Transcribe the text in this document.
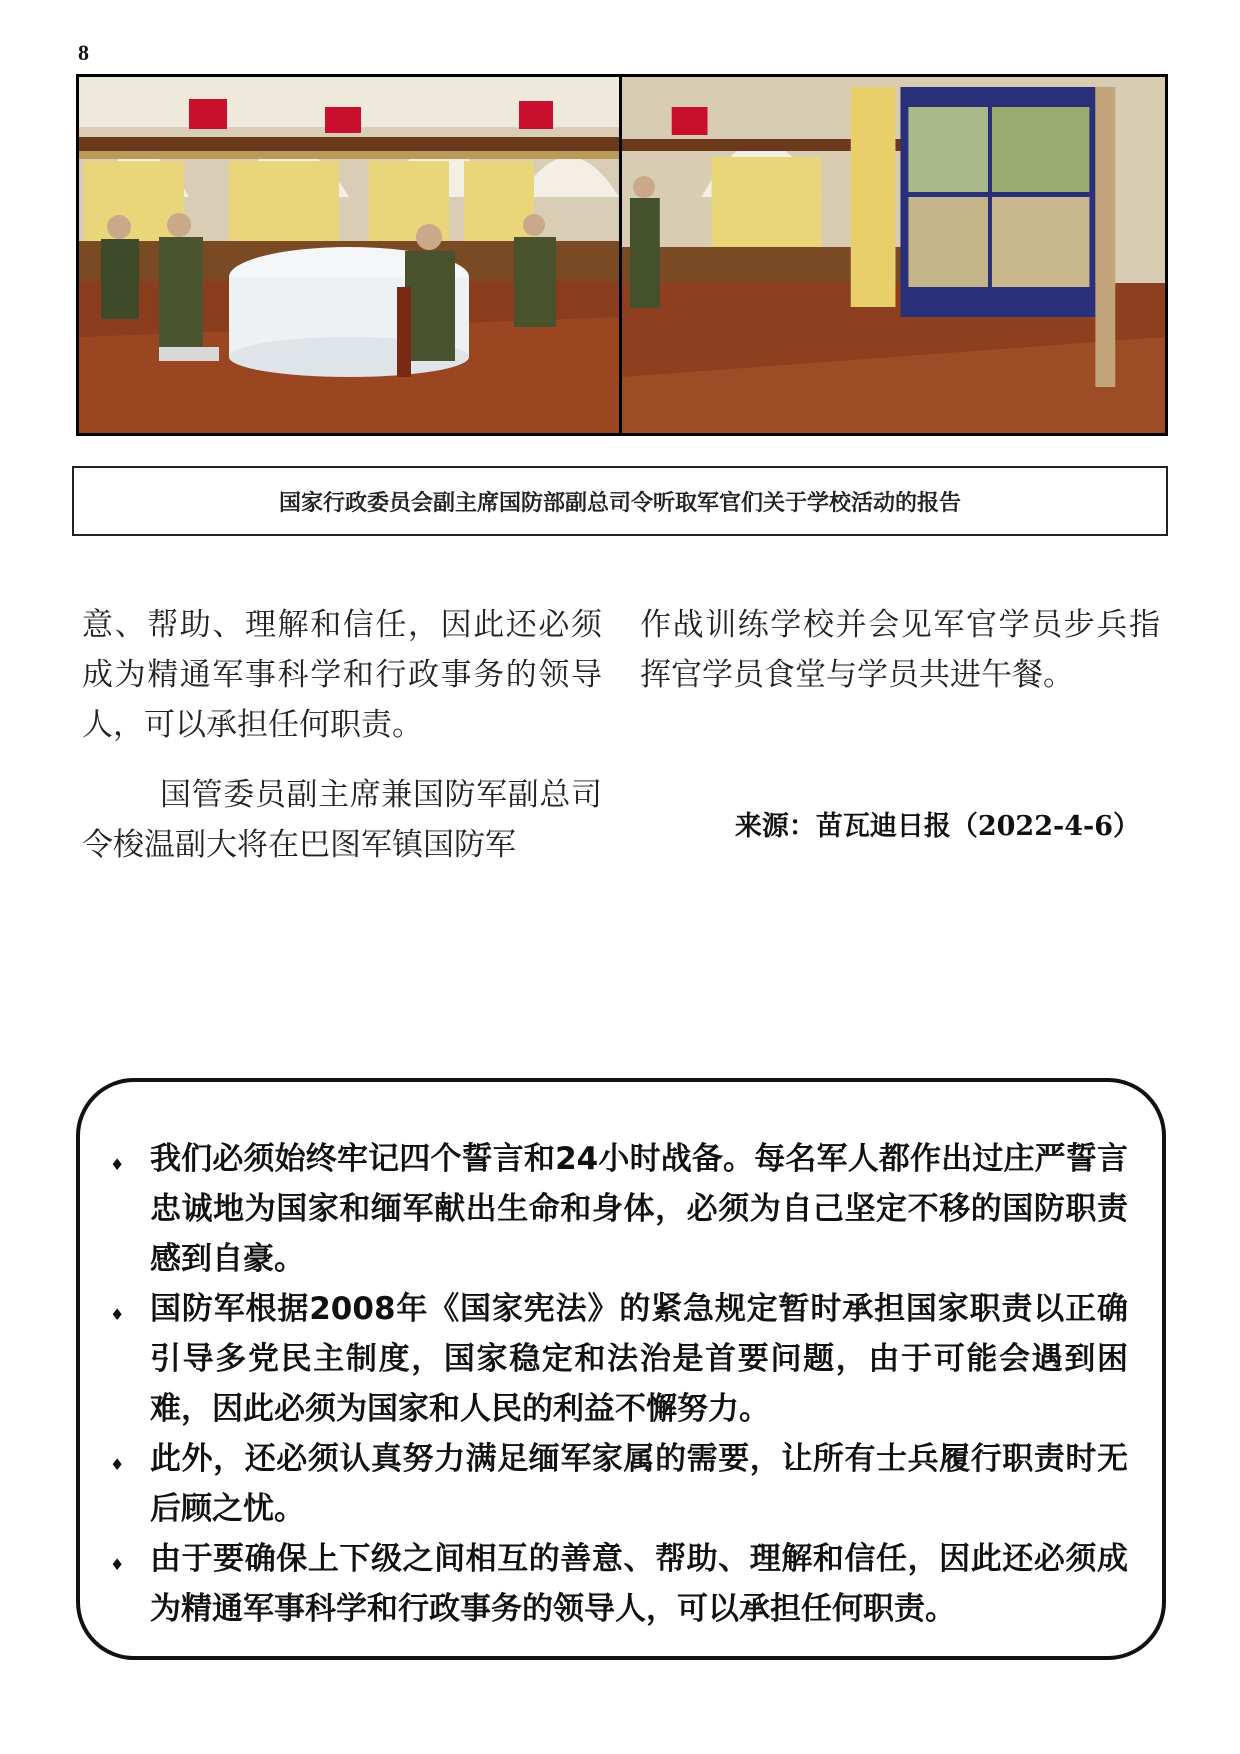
8
国家行政委员会副主席国防部副总司令听取军官们关于学校活动的报告

意、帮助、理解和信任，因此还必须成为精通军事科学和行政事务的领导人，可以承担任何职责。

国管委员副主席兼国防军副总司令梭温副大将在巴图军镇国防军

作战训练学校并会见军官学员步兵指挥官学员食堂与学员共进午餐。

来源：苗瓦迪日报（2022-4-6）
♦ 我们必须始终牢记四个誓言和24小时战备。每名军人都作出过庄严誓言忠诚地为国家和缅军献出生命和身体，必须为自己坚定不移的国防职责感到自豪。
♦ 国防军根据2008年《国家宪法》的紧急规定暂时承担国家职责以正确引导多党民主制度，国家稳定和法治是首要问题，由于可能会遇到困难，因此必须为国家和人民的利益不懈努力。
♦ 此外，还必须认真努力满足缅军家属的需要，让所有士兵履行职责时无后顾之忧。
♦ 由于要确保上下级之间相互的善意、帮助、理解和信任，因此还必须成为精通军事科学和行政事务的领导人，可以承担任何职责。
